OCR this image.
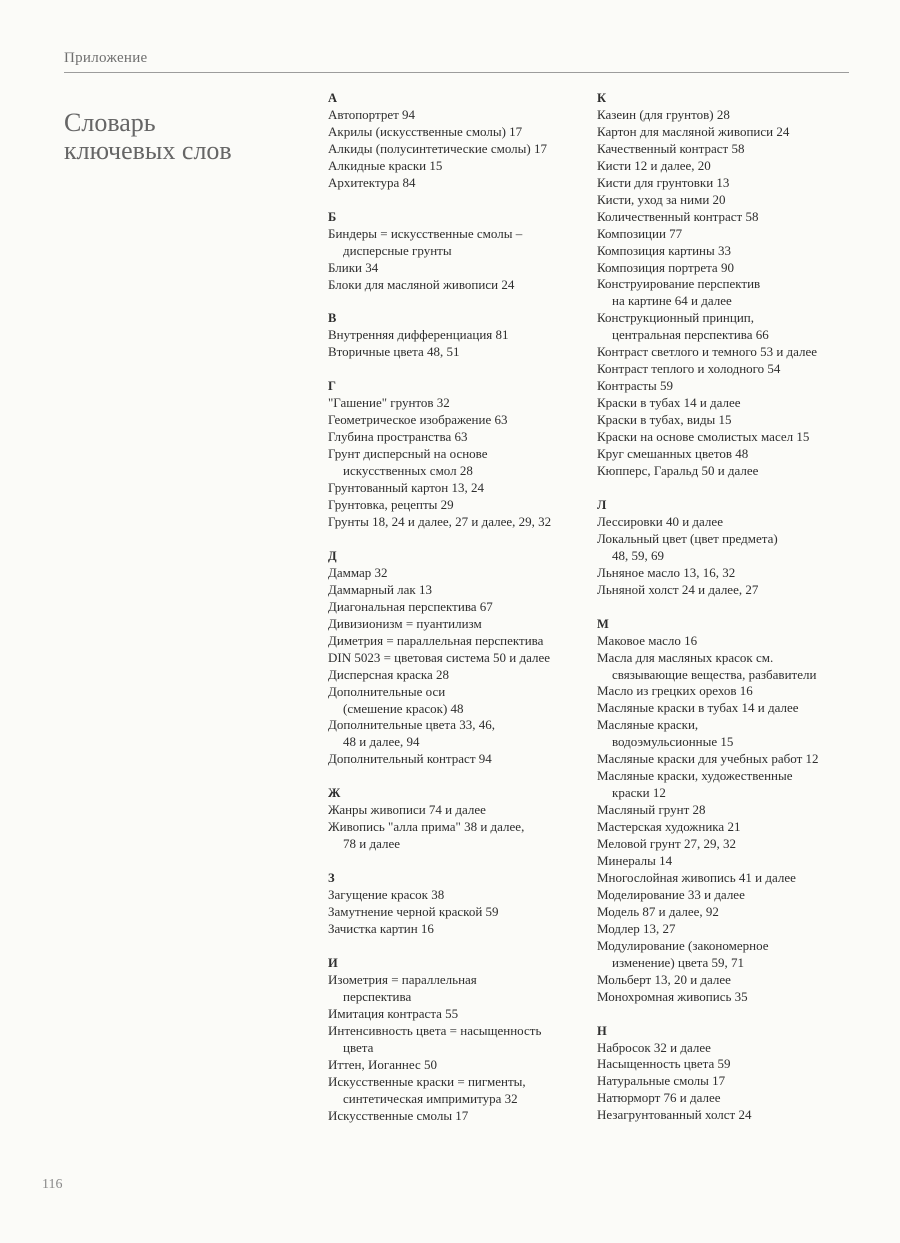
Приложение
Словарь
ключевых слов
А
Автопортрет 94
Акрилы (искусственные смолы) 17
Алкиды (полусинтетические смолы) 17
Алкидные краски 15
Архитектура 84
Б
Биндеры = искусственные смолы –
дисперсные грунты
Блики 34
Блоки для масляной живописи 24
В
Внутренняя дифференциация 81
Вторичные цвета 48, 51
Г
"Гашение" грунтов 32
Геометрическое изображение 63
Глубина пространства 63
Грунт дисперсный на основе
искусственных смол 28
Грунтованный картон 13, 24
Грунтовка, рецепты 29
Грунты 18, 24 и далее, 27 и далее, 29, 32
Д
Даммар 32
Даммарный лак 13
Диагональная перспектива 67
Дивизионизм = пуантилизм
Диметрия = параллельная перспектива
DIN 5023 = цветовая система 50 и далее
Дисперсная краска 28
Дополнительные оси
(смешение красок) 48
Дополнительные цвета 33, 46,
48 и далее, 94
Дополнительный контраст 94
Ж
Жанры живописи 74 и далее
Живопись "алла прима" 38 и далее,
78 и далее
З
Загущение красок 38
Замутнение черной краской 59
Зачистка картин 16
И
Изометрия = параллельная
перспектива
Имитация контраста 55
Интенсивность цвета = насыщенность
цвета
Иттен, Иоганнес 50
Искусственные краски = пигменты,
синтетическая импримитура 32
Искусственные смолы 17
К
Казеин (для грунтов) 28
Картон для масляной живописи 24
Качественный контраст 58
Кисти 12 и далее, 20
Кисти для грунтовки 13
Кисти, уход за ними 20
Количественный контраст 58
Композиции 77
Композиция картины 33
Композиция портрета 90
Конструирование перспектив
на картине 64 и далее
Конструкционный принцип,
центральная перспектива 66
Контраст светлого и темного 53 и далее
Контраст теплого и холодного 54
Контрасты 59
Краски в тубах 14 и далее
Краски в тубах, виды 15
Краски на основе смолистых масел 15
Круг смешанных цветов 48
Кюпперс, Гаральд 50 и далее
Л
Лессировки 40 и далее
Локальный цвет (цвет предмета)
48, 59, 69
Льняное масло 13, 16, 32
Льняной холст 24 и далее, 27
М
Маковое масло 16
Масла для масляных красок см.
связывающие вещества, разбавители
Масло из грецких орехов 16
Масляные краски в тубах 14 и далее
Масляные краски,
водоэмульсионные 15
Масляные краски для учебных работ 12
Масляные краски, художественные
краски 12
Масляный грунт 28
Мастерская художника 21
Меловой грунт 27, 29, 32
Минералы 14
Многослойная живопись 41 и далее
Моделирование 33 и далее
Модель 87 и далее, 92
Модлер 13, 27
Модулирование (закономерное
изменение) цвета 59, 71
Мольберт 13, 20 и далее
Монохромная живопись 35
Н
Набросок 32 и далее
Насыщенность цвета 59
Натуральные смолы 17
Натюрморт 76 и далее
Незагрунтованный холст 24
116
